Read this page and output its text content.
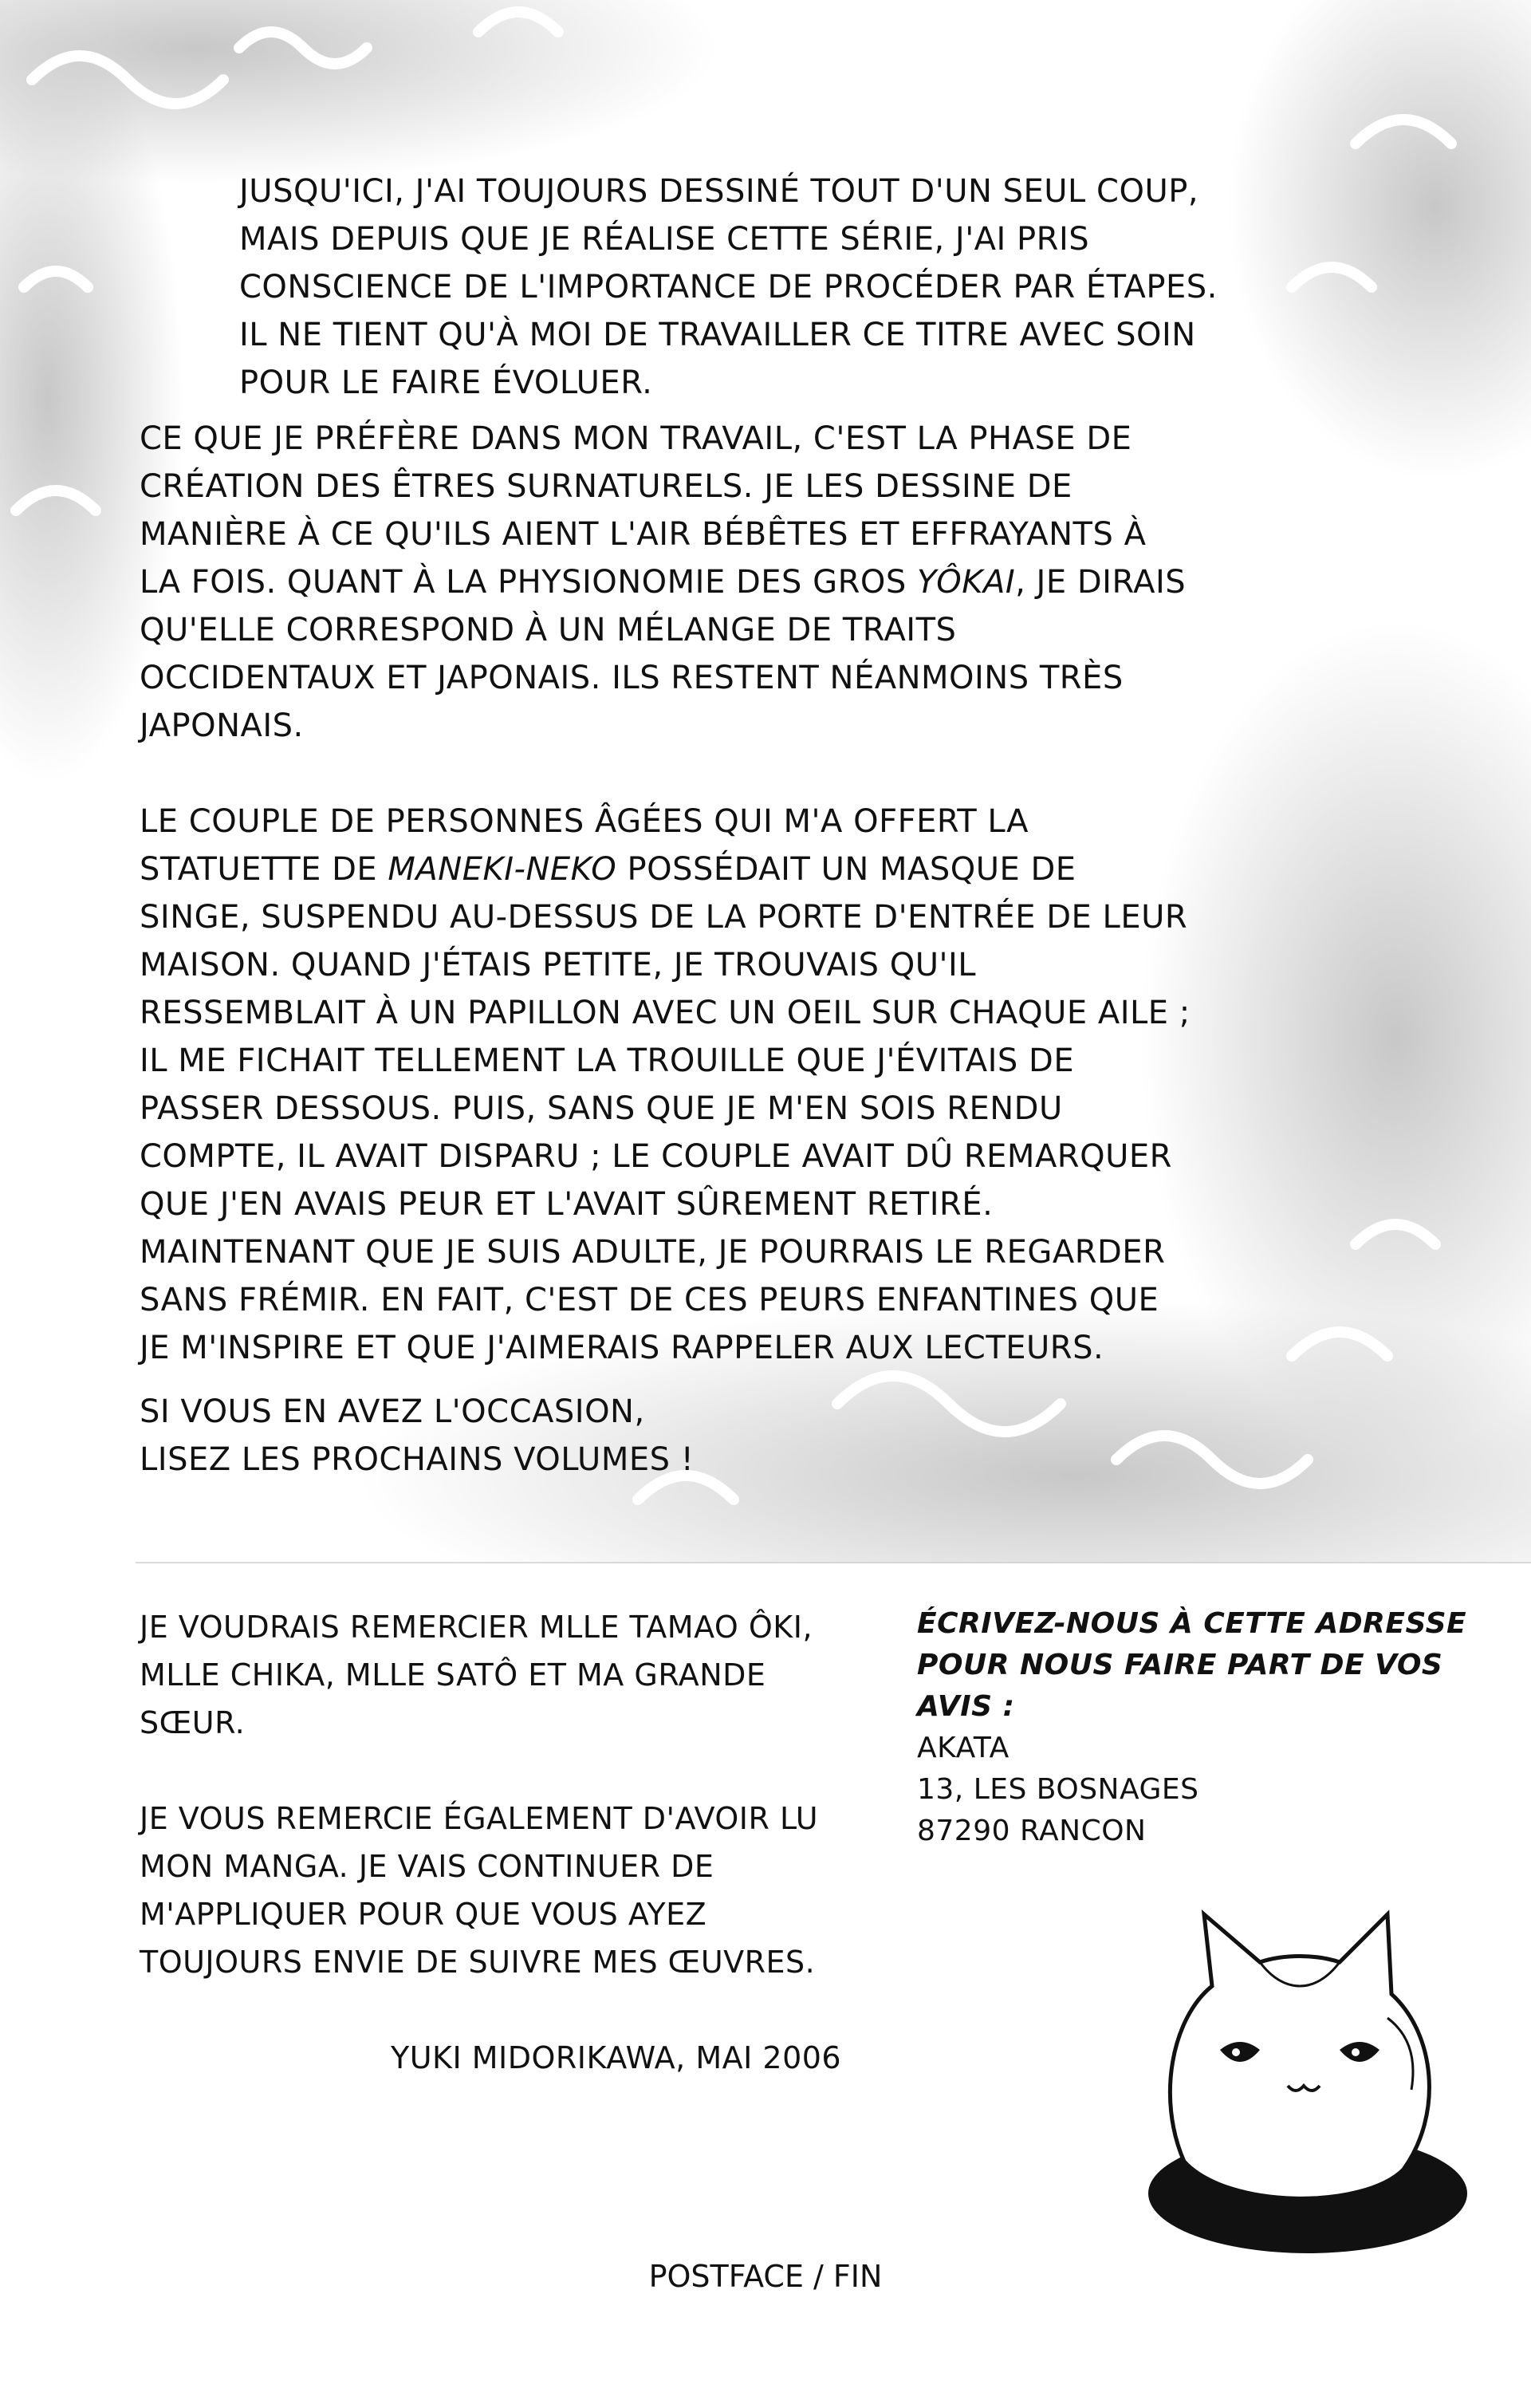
JUSQU'ICI, J'AI TOUJOURS DESSINÉ TOUT D'UN SEUL COUP, MAIS DEPUIS QUE JE RÉALISE CETTE SÉRIE, J'AI PRIS CONSCIENCE DE L'IMPORTANCE DE PROCÉDER PAR ÉTAPES. IL NE TIENT QU'À MOI DE TRAVAILLER CE TITRE AVEC SOIN POUR LE FAIRE ÉVOLUER.

CE QUE JE PRÉFÈRE DANS MON TRAVAIL, C'EST LA PHASE DE CRÉATION DES ÊTRES SURNATURELS. JE LES DESSINE DE MANIÈRE À CE QU'ILS AIENT L'AIR BÉBÊTES ET EFFRAYANTS À LA FOIS. QUANT À LA PHYSIONOMIE DES GROS YÔKAI, JE DIRAIS QU'ELLE CORRESPOND À UN MÉLANGE DE TRAITS OCCIDENTAUX ET JAPONAIS. ILS RESTENT NÉANMOINS TRÈS JAPONAIS.

LE COUPLE DE PERSONNES ÂGÉES QUI M'A OFFERT LA STATUETTE DE MANEKI-NEKO POSSÉDAIT UN MASQUE DE SINGE, SUSPENDU AU-DESSUS DE LA PORTE D'ENTRÉE DE LEUR MAISON. QUAND J'ÉTAIS PETITE, JE TROUVAIS QU'IL RESSEMBLAIT À UN PAPILLON AVEC UN OEIL SUR CHAQUE AILE ; IL ME FICHAIT TELLEMENT LA TROUILLE QUE J'ÉVITAIS DE PASSER DESSOUS. PUIS, SANS QUE JE M'EN SOIS RENDU COMPTE, IL AVAIT DISPARU ; LE COUPLE AVAIT DÛ REMARQUER QUE J'EN AVAIS PEUR ET L'AVAIT SÛREMENT RETIRÉ. MAINTENANT QUE JE SUIS ADULTE, JE POURRAIS LE REGARDER SANS FRÉMIR. EN FAIT, C'EST DE CES PEURS ENFANTINES QUE JE M'INSPIRE ET QUE J'AIMERAIS RAPPELER AUX LECTEURS.

SI VOUS EN AVEZ L'OCCASION,

LISEZ LES PROCHAINS VOLUMES !

JE VOUDRAIS REMERCIER MLLE TAMAO ÔKI, MLLE CHIKA, MLLE SATÔ ET MA GRANDE SŒUR.

JE VOUS REMERCIE ÉGALEMENT D'AVOIR LU MON MANGA. JE VAIS CONTINUER DE M'APPLIQUER POUR QUE VOUS AYEZ TOUJOURS ENVIE DE SUIVRE MES ŒUVRES.

YUKI MIDORIKAWA, MAI 2006
ÉCRIVEZ-NOUS À CETTE ADRESSE POUR NOUS FAIRE PART DE VOS AVIS :
AKATA
13, LES BOSNAGES
87290 RANCON
POSTFACE / FIN
